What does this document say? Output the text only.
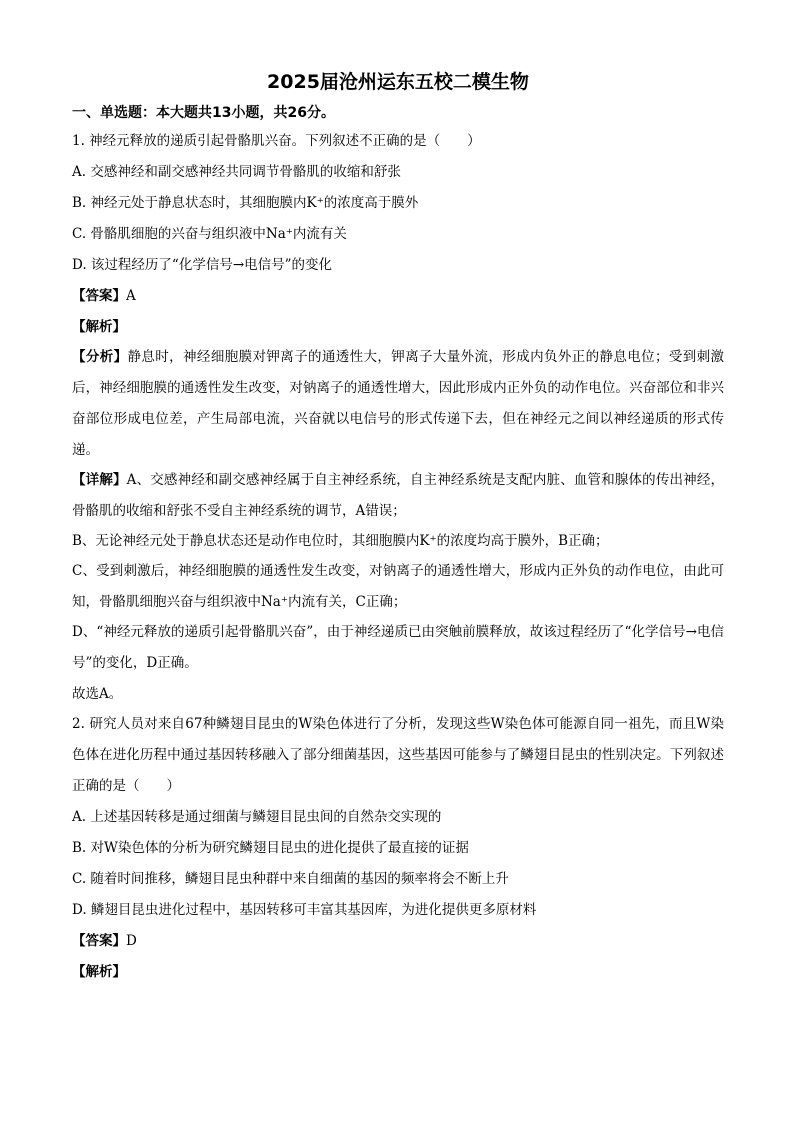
2025届沧州运东五校二模生物
一、单选题：本大题共13小题，共26分。
1. 神经元释放的递质引起骨骼肌兴奋。下列叙述不正确的是（　　）
A. 交感神经和副交感神经共同调节骨骼肌的收缩和舒张
B. 神经元处于静息状态时，其细胞膜内K⁺的浓度高于膜外
C. 骨骼肌细胞的兴奋与组织液中Na⁺内流有关
D. 该过程经历了“化学信号→电信号”的变化
【答案】A
【解析】
【分析】静息时，神经细胞膜对钾离子的通透性大，钾离子大量外流，形成内负外正的静息电位；受到刺激后，神经细胞膜的通透性发生改变，对钠离子的通透性增大，因此形成内正外负的动作电位。兴奋部位和非兴奋部位形成电位差，产生局部电流，兴奋就以电信号的形式传递下去，但在神经元之间以神经递质的形式传递。
【详解】A、交感神经和副交感神经属于自主神经系统，自主神经系统是支配内脏、血管和腺体的传出神经，骨骼肌的收缩和舒张不受自主神经系统的调节，A错误；
B、无论神经元处于静息状态还是动作电位时，其细胞膜内K⁺的浓度均高于膜外，B正确；
C、受到刺激后，神经细胞膜的通透性发生改变，对钠离子的通透性增大，形成内正外负的动作电位，由此可知，骨骼肌细胞兴奋与组织液中Na⁺内流有关，C正确；
D、“神经元释放的递质引起骨骼肌兴奋”，由于神经递质已由突触前膜释放，故该过程经历了“化学信号→电信号”的变化，D正确。
故选A。
2. 研究人员对来自67种鳞翅目昆虫的W染色体进行了分析，发现这些W染色体可能源自同一祖先，而且W染色体在进化历程中通过基因转移融入了部分细菌基因，这些基因可能参与了鳞翅目昆虫的性别决定。下列叙述正确的是（　　）
A. 上述基因转移是通过细菌与鳞翅目昆虫间的自然杂交实现的
B. 对W染色体的分析为研究鳞翅目昆虫的进化提供了最直接的证据
C. 随着时间推移，鳞翅目昆虫种群中来自细菌的基因的频率将会不断上升
D. 鳞翅目昆虫进化过程中，基因转移可丰富其基因库，为进化提供更多原材料
【答案】D
【解析】
